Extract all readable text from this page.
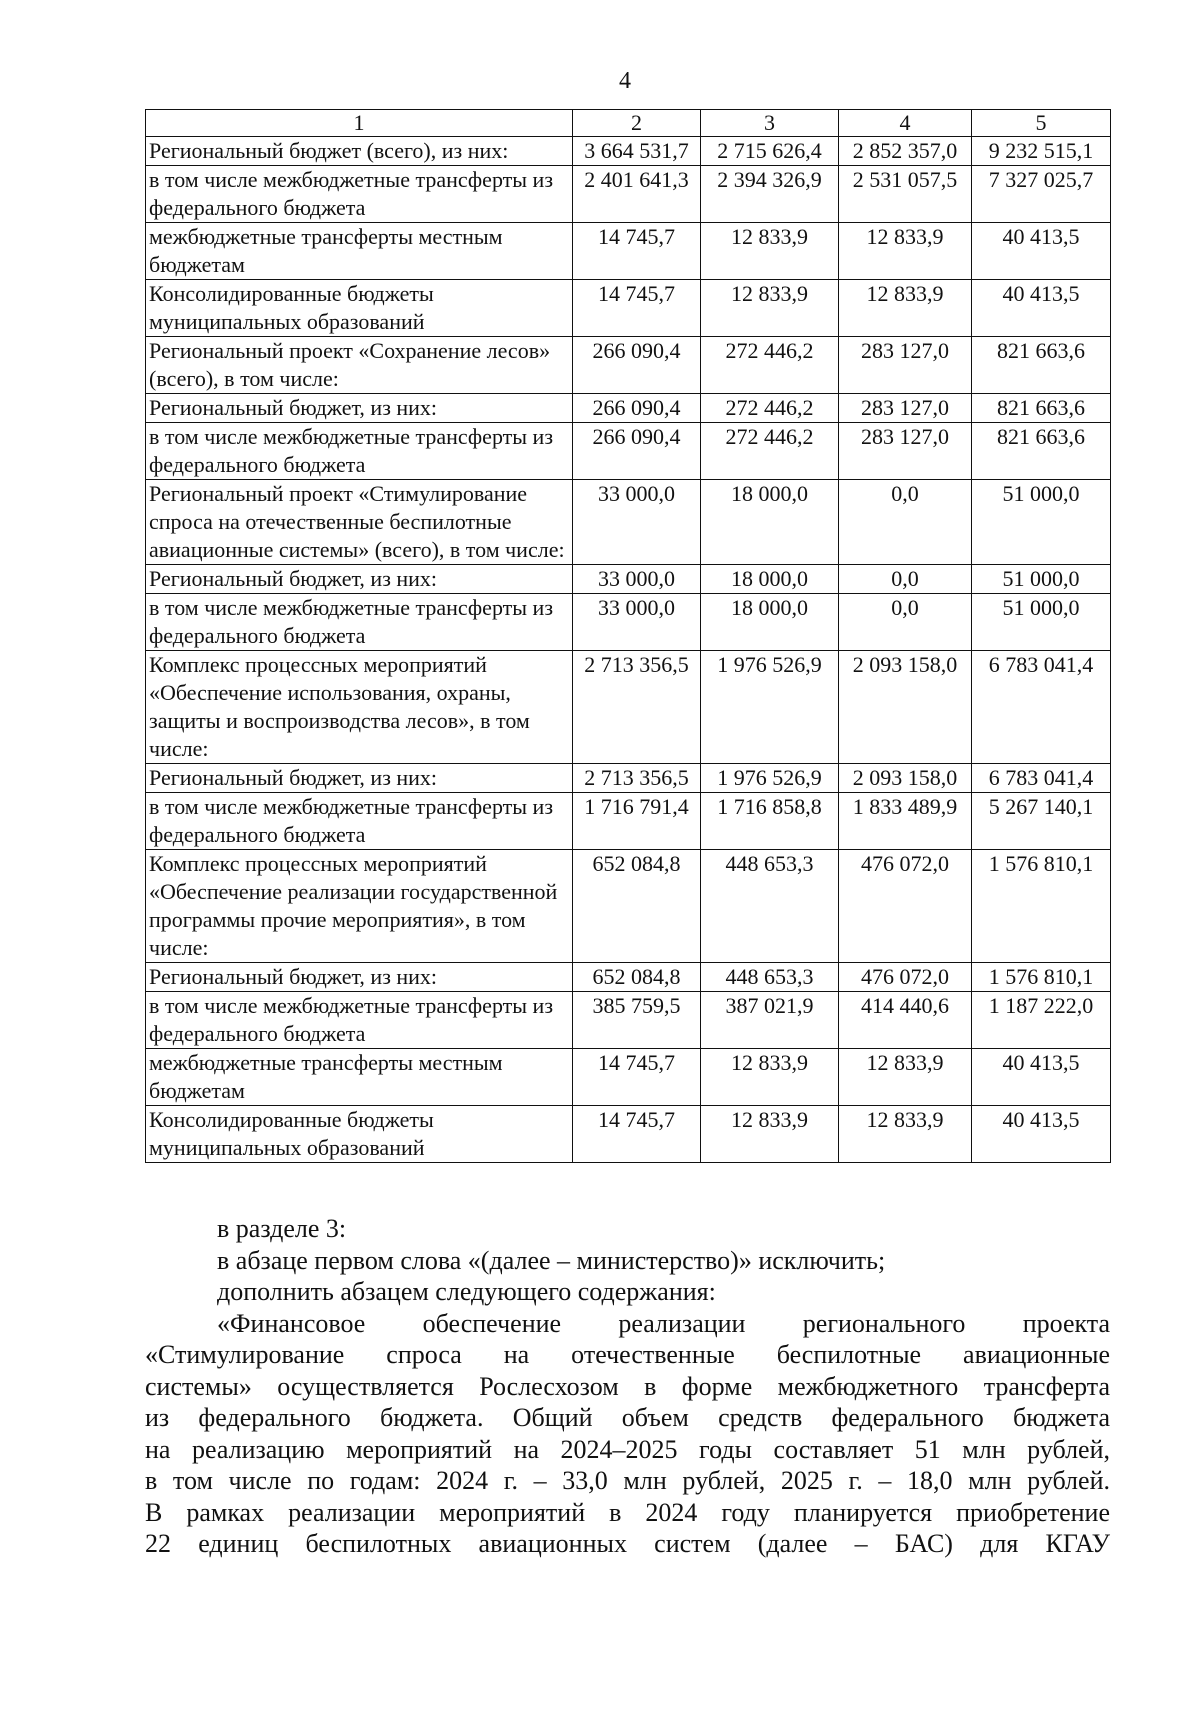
4
1	2	3	4	5
Региональный бюджет (всего), из них:	3 664 531,7	2 715 626,4	2 852 357,0	9 232 515,1
в том числе межбюджетные трансферты из федерального бюджета	2 401 641,3	2 394 326,9	2 531 057,5	7 327 025,7
межбюджетные трансферты местным бюджетам	14 745,7	12 833,9	12 833,9	40 413,5
Консолидированные бюджеты муниципальных образований	14 745,7	12 833,9	12 833,9	40 413,5
Региональный проект «Сохранение лесов» (всего), в том числе:	266 090,4	272 446,2	283 127,0	821 663,6
Региональный бюджет, из них:	266 090,4	272 446,2	283 127,0	821 663,6
в том числе межбюджетные трансферты из федерального бюджета	266 090,4	272 446,2	283 127,0	821 663,6
Региональный проект «Стимулирование спроса на отечественные беспилотные авиационные системы» (всего), в том числе:	33 000,0	18 000,0	0,0	51 000,0
Региональный бюджет, из них:	33 000,0	18 000,0	0,0	51 000,0
в том числе межбюджетные трансферты из федерального бюджета	33 000,0	18 000,0	0,0	51 000,0
Комплекс процессных мероприятий «Обеспечение использования, охраны, защиты и воспроизводства лесов», в том числе:	2 713 356,5	1 976 526,9	2 093 158,0	6 783 041,4
Региональный бюджет, из них:	2 713 356,5	1 976 526,9	2 093 158,0	6 783 041,4
в том числе межбюджетные трансферты из федерального бюджета	1 716 791,4	1 716 858,8	1 833 489,9	5 267 140,1
Комплекс процессных мероприятий «Обеспечение реализации государственной программы прочие мероприятия», в том числе:	652 084,8	448 653,3	476 072,0	1 576 810,1
Региональный бюджет, из них:	652 084,8	448 653,3	476 072,0	1 576 810,1
в том числе межбюджетные трансферты из федерального бюджета	385 759,5	387 021,9	414 440,6	1 187 222,0
межбюджетные трансферты местным бюджетам	14 745,7	12 833,9	12 833,9	40 413,5
Консолидированные бюджеты муниципальных образований	14 745,7	12 833,9	12 833,9	40 413,5

в разделе 3:

в абзаце первом слова «(далее – министерство)» исключить;

дополнить абзацем следующего содержания:

«Финансовое обеспечение реализации регионального проекта

«Стимулирование спроса на отечественные беспилотные авиационные

системы» осуществляется Рослесхозом в форме межбюджетного трансферта

из федерального бюджета. Общий объем средств федерального бюджета

на реализацию мероприятий на 2024–2025 годы составляет 51 млн рублей,

в том числе по годам: 2024 г. – 33,0 млн рублей, 2025 г. – 18,0 млн рублей.

В рамках реализации мероприятий в 2024 году планируется приобретение

22 единиц беспилотных авиационных систем (далее – БАС) для КГАУ
